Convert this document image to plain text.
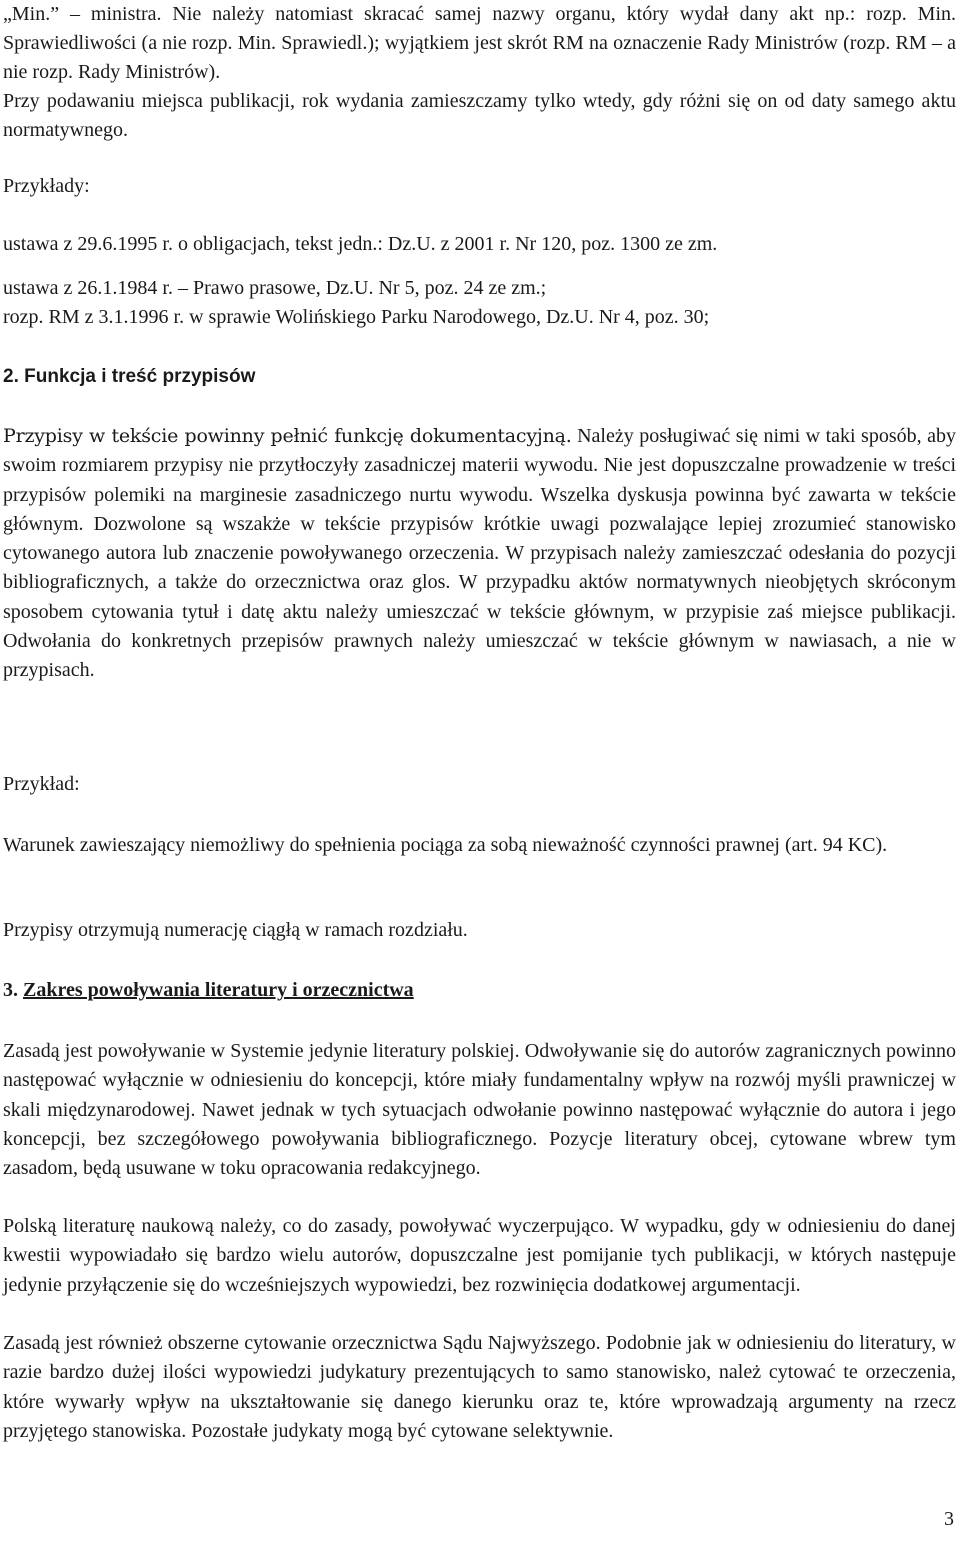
„Min.” – ministra. Nie należy natomiast skracać samej nazwy organu, który wydał dany akt np.: rozp. Min. Sprawiedliwości (a nie rozp. Min. Sprawiedl.); wyjątkiem jest skrót RM na oznaczenie Rady Ministrów (rozp. RM – a nie rozp. Rady Ministrów).

Przy podawaniu miejsca publikacji, rok wydania zamieszczamy tylko wtedy, gdy różni się on od daty samego aktu normatywnego.

Przykłady:

ustawa z 29.6.1995 r. o obligacjach, tekst jedn.: Dz.U. z 2001 r. Nr 120, poz. 1300 ze zm.

ustawa z 26.1.1984 r. – Prawo prasowe, Dz.U. Nr 5, poz. 24 ze zm.;

rozp. RM z 3.1.1996 r. w sprawie Wolińskiego Parku Narodowego, Dz.U. Nr 4, poz. 30;

2. Funkcja i treść przypisów

Przypisy w tekście powinny pełnić funkcję dokumentacyjną. Należy posługiwać się nimi w taki sposób, aby swoim rozmiarem przypisy nie przytłoczyły zasadniczej materii wywodu. Nie jest dopuszczalne prowadzenie w treści przypisów polemiki na marginesie zasadniczego nurtu wywodu. Wszelka dyskusja powinna być zawarta w tekście głównym. Dozwolone są wszakże w tekście przypisów krótkie uwagi pozwalające lepiej zrozumieć stanowisko cytowanego autora lub znaczenie powoływanego orzeczenia. W przypisach należy zamieszczać odesłania do pozycji bibliograficznych, a także do orzecznictwa oraz glos. W przypadku aktów normatywnych nieobjętych skróconym sposobem cytowania tytuł i datę aktu należy umieszczać w tekście głównym, w przypisie zaś miejsce publikacji. Odwołania do konkretnych przepisów prawnych należy umieszczać w tekście głównym w nawiasach, a nie w przypisach.

Przykład:

Warunek zawieszający niemożliwy do spełnienia pociąga za sobą nieważność czynności prawnej (art. 94 KC).

Przypisy otrzymują numerację ciągłą w ramach rozdziału.

3. Zakres powoływania literatury i orzecznictwa

Zasadą jest powoływanie w Systemie jedynie literatury polskiej. Odwoływanie się do autorów zagranicznych powinno następować wyłącznie w odniesieniu do koncepcji, które miały fundamentalny wpływ na rozwój myśli prawniczej w skali międzynarodowej. Nawet jednak w tych sytuacjach odwołanie powinno następować wyłącznie do autora i jego koncepcji, bez szczegółowego powoływania bibliograficznego. Pozycje literatury obcej, cytowane wbrew tym zasadom, będą usuwane w toku opracowania redakcyjnego.

Polską literaturę naukową należy, co do zasady, powoływać wyczerpująco. W wypadku, gdy w odniesieniu do danej kwestii wypowiadało się bardzo wielu autorów, dopuszczalne jest pomijanie tych publikacji, w których następuje jedynie przyłączenie się do wcześniejszych wypowiedzi, bez rozwinięcia dodatkowej argumentacji.

Zasadą jest również obszerne cytowanie orzecznictwa Sądu Najwyższego. Podobnie jak w odniesieniu do literatury, w razie bardzo dużej ilości wypowiedzi judykatury prezentujących to samo stanowisko, należ cytować te orzeczenia, które wywarły wpływ na ukształtowanie się danego kierunku oraz te, które wprowadzają argumenty na rzecz przyjętego stanowiska. Pozostałe judykaty mogą być cytowane selektywnie.

3
